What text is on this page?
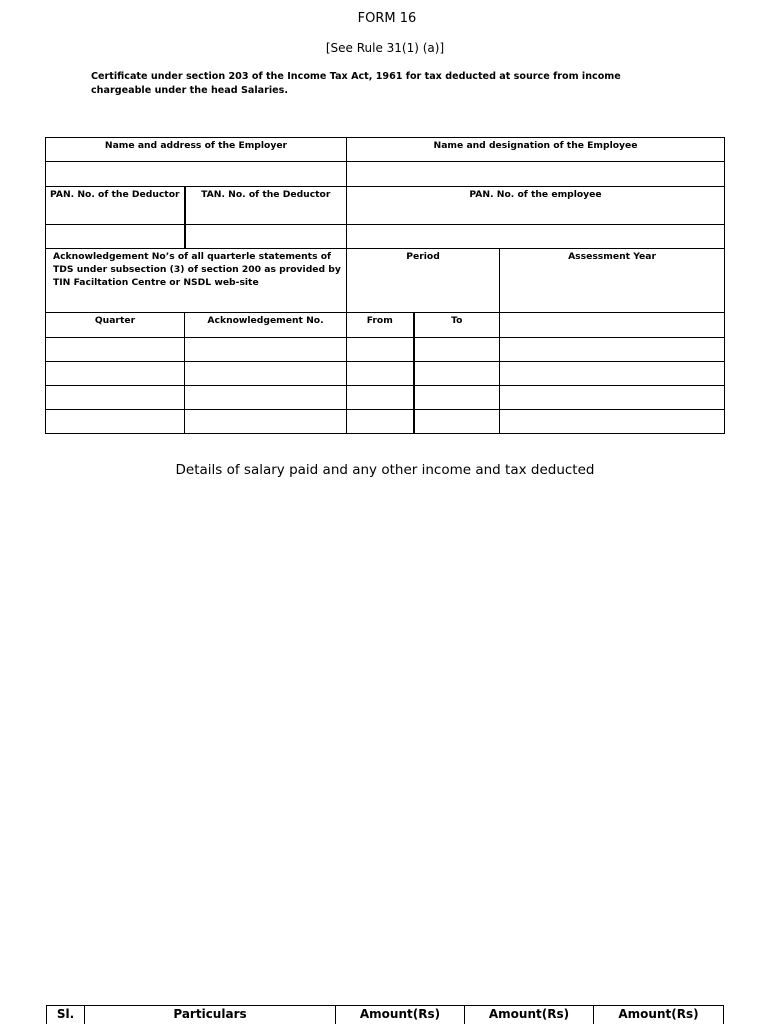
FORM 16
[See Rule 31(1) (a)]
Certificate under section 203 of the Income Tax Act, 1961 for tax deducted at source from income chargeable under the head Salaries.
Name and address of the Employer		Name and designation of the Employee		

PAN. No. of the Deductor	TAN. No. of the Deductor	PAN. No. of the employee		

Acknowledgement No’s of all quarterle statements of TDS under subsection (3) of section 200 as provided by TIN Faciltation Centre or NSDL web-site		Period		Assessment Year
Quarter	Acknowledgement No.	From	To	

Details of salary paid and any other income and tax deducted
Sl.	Particulars	Amount(Rs)	Amount(Rs)	Amount(Rs)
